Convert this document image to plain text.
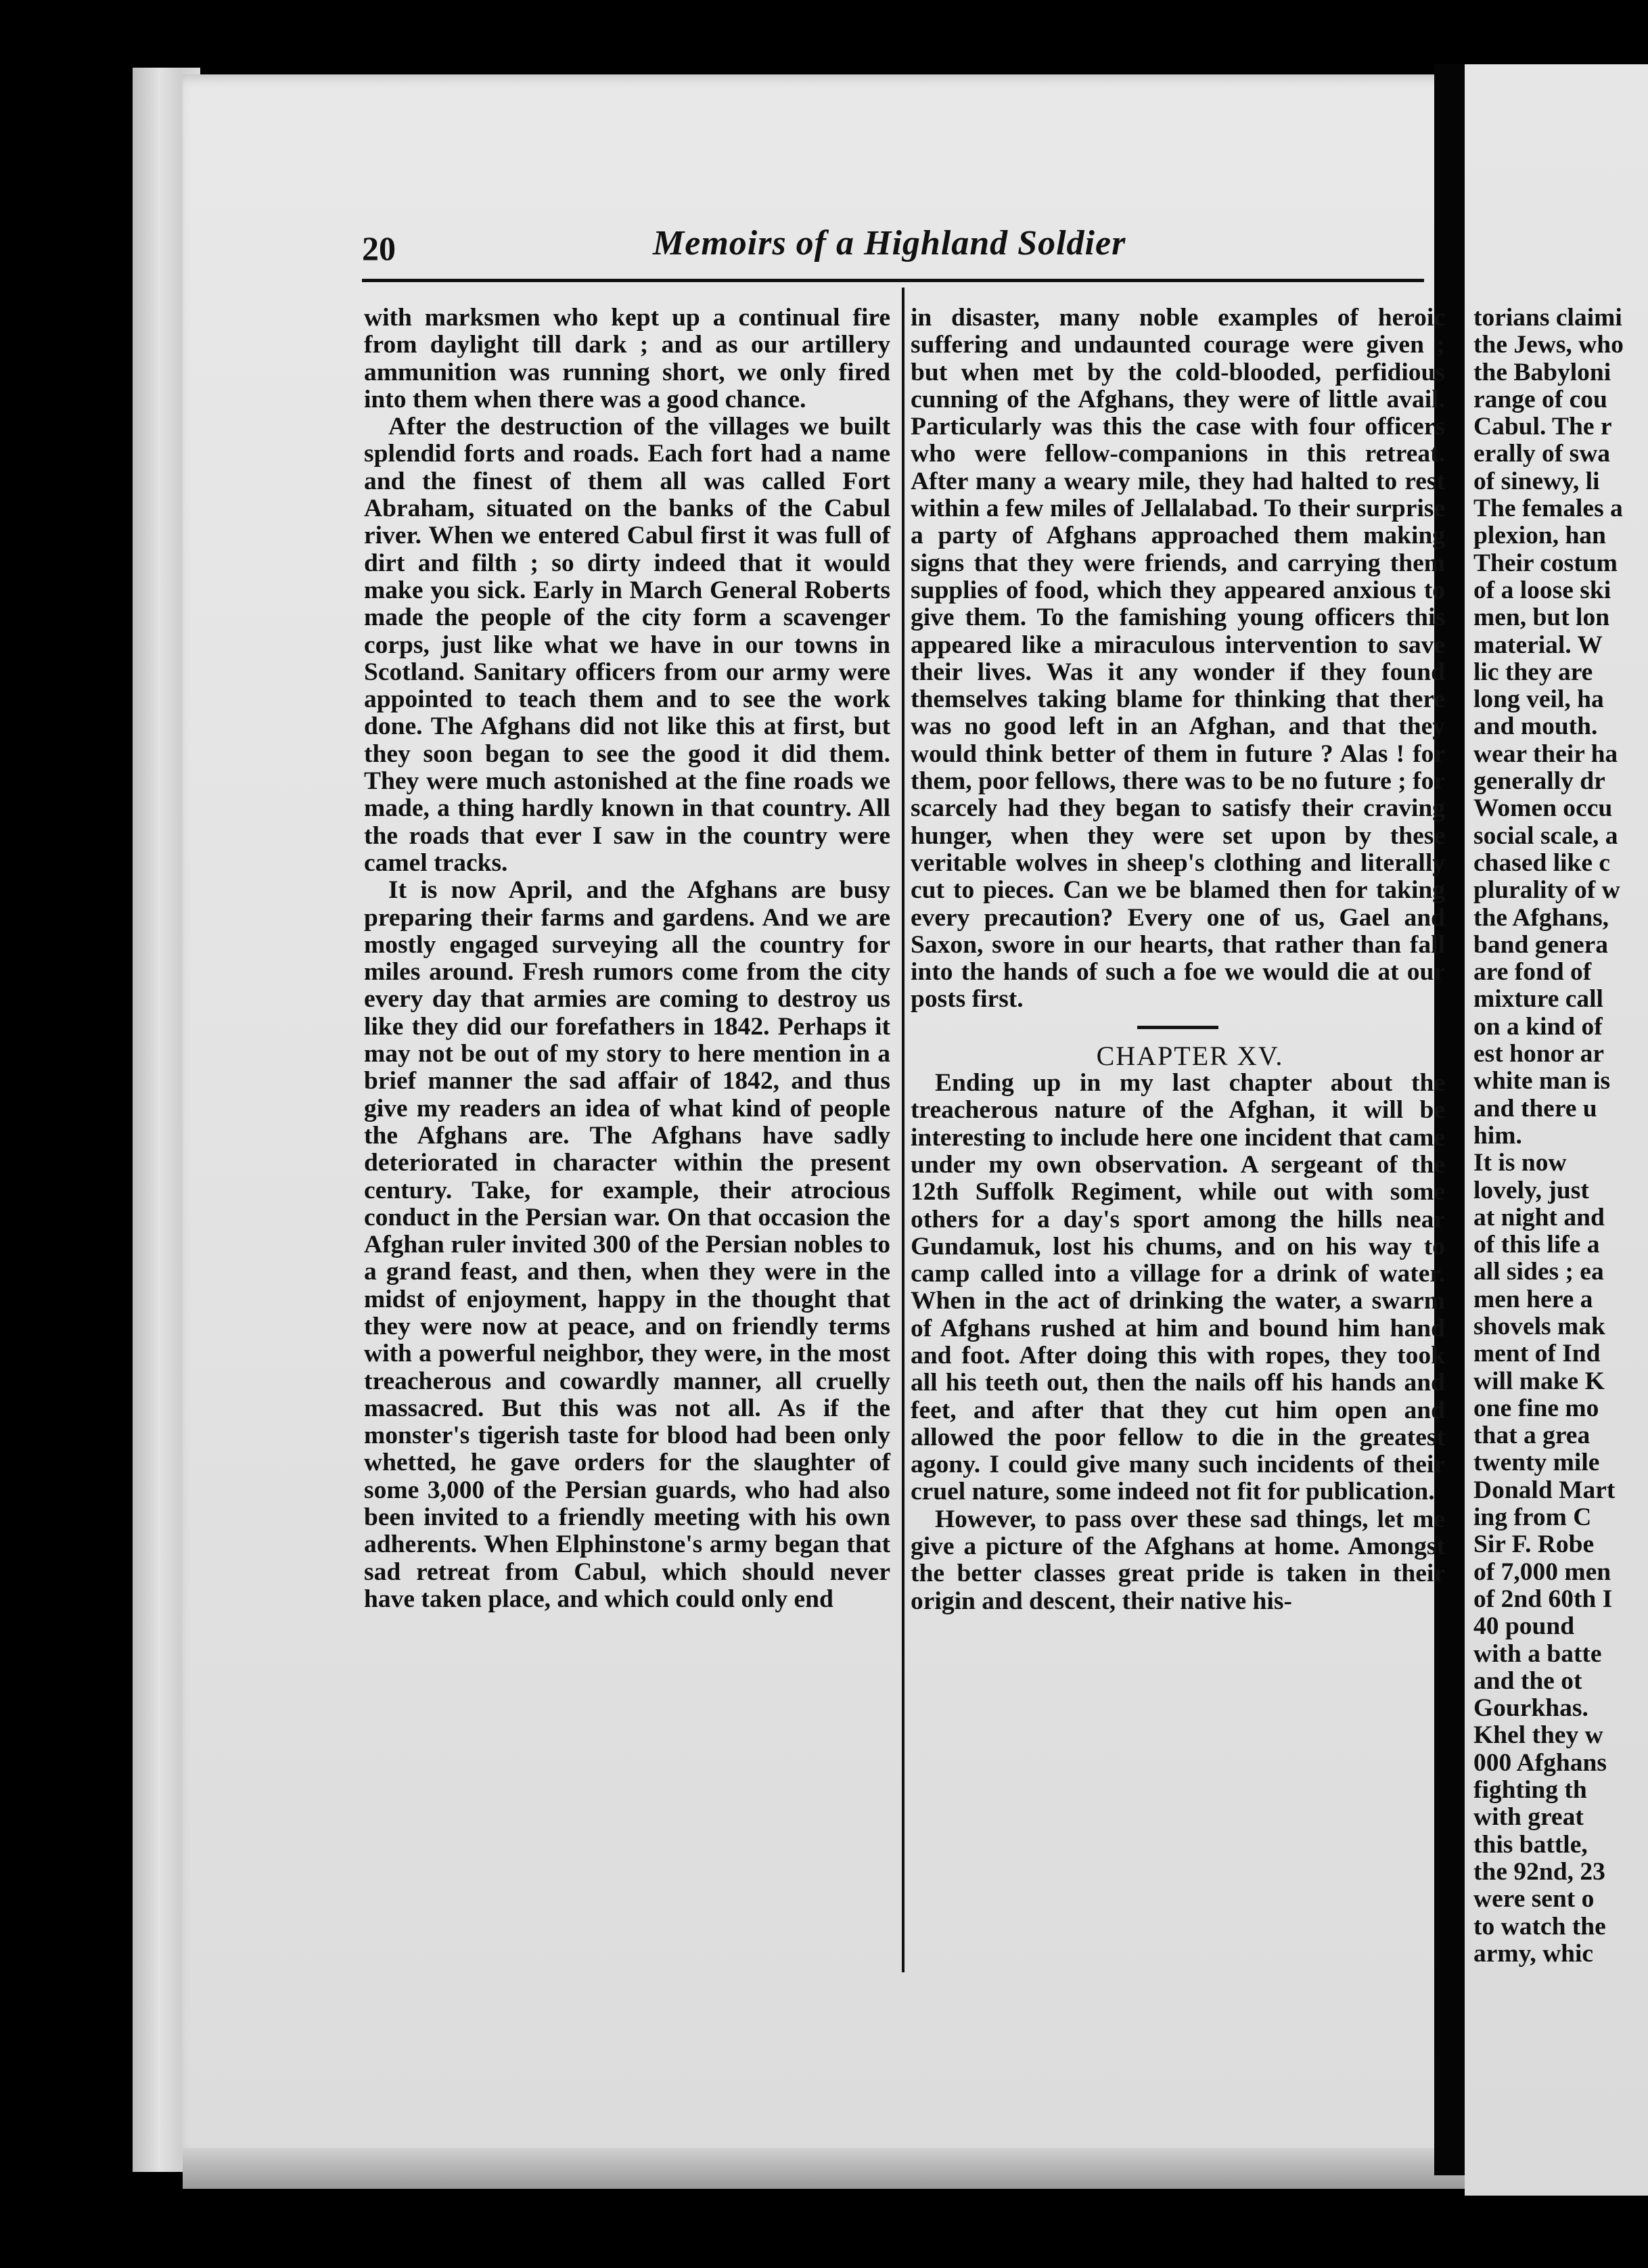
20	Memoirs of a Highland Soldier

with marksmen who kept up a continual fire from daylight till dark ; and as our artillery ammunition was running short, we only fired into them when there was a good chance.

After the destruction of the villages we built splendid forts and roads. Each fort had a name and the finest of them all was called Fort Abraham, situated on the banks of the Cabul river. When we entered Cabul first it was full of dirt and filth ; so dirty indeed that it would make you sick. Early in March General Roberts made the people of the city form a scavenger corps, just like what we have in our towns in Scotland. Sanitary officers from our army were appointed to teach them and to see the work done. The Afghans did not like this at first, but they soon began to see the good it did them. They were much astonished at the fine roads we made, a thing hardly known in that country. All the roads that ever I saw in the country were camel tracks.

It is now April, and the Afghans are busy preparing their farms and gardens. And we are mostly engaged surveying all the country for miles around. Fresh rumors come from the city every day that armies are coming to destroy us like they did our forefathers in 1842. Perhaps it may not be out of my story to here mention in a brief manner the sad affair of 1842, and thus give my readers an idea of what kind of people the Afghans are. The Afghans have sadly deteriorated in character within the present century. Take, for example, their atrocious conduct in the Persian war. On that occasion the Afghan ruler invited 300 of the Persian nobles to a grand feast, and then, when they were in the midst of enjoyment, happy in the thought that they were now at peace, and on friendly terms with a powerful neighbor, they were, in the most treacherous and cowardly manner, all cruelly massacred. But this was not all. As if the monster's tigerish taste for blood had been only whetted, he gave orders for the slaughter of some 3,000 of the Persian guards, who had also been invited to a friendly meeting with his own adherents. When Elphinstone's army began that sad retreat from Cabul, which should never have taken place, and which could only end

in disaster, many noble examples of heroic suffering and undaunted courage were given ; but when met by the cold-blooded, perfidious cunning of the Afghans, they were of little avail. Particularly was this the case with four officers who were fellow-companions in this retreat. After many a weary mile, they had halted to rest within a few miles of Jellalabad. To their surprise a party of Afghans approached them making signs that they were friends, and carrying them supplies of food, which they appeared anxious to give them. To the famishing young officers this appeared like a miraculous intervention to save their lives. Was it any wonder if they found themselves taking blame for thinking that there was no good left in an Afghan, and that they would think better of them in future ? Alas ! for them, poor fellows, there was to be no future ; for scarcely had they began to satisfy their craving hunger, when they were set upon by these veritable wolves in sheep's clothing and literally cut to pieces. Can we be blamed then for taking every precaution? Every one of us, Gael and Saxon, swore in our hearts, that rather than fall into the hands of such a foe we would die at our posts first.

CHAPTER XV.

Ending up in my last chapter about the treacherous nature of the Afghan, it will be interesting to include here one incident that came under my own observation. A sergeant of the 12th Suffolk Regiment, while out with some others for a day's sport among the hills near Gundamuk, lost his chums, and on his way to camp called into a village for a drink of water. When in the act of drinking the water, a swarm of Afghans rushed at him and bound him hand and foot. After doing this with ropes, they took all his teeth out, then the nails off his hands and feet, and after that they cut him open and allowed the poor fellow to die in the greatest agony. I could give many such incidents of their cruel nature, some indeed not fit for publication.

However, to pass over these sad things, let me give a picture of the Afghans at home. Amongst the better classes great pride is taken in their origin and descent, their native his-

torians claimi
the Jews, who
the Babyloni
range of cou
Cabul. The r
erally of swa
of sinewy, li
The females a
plexion, han
Their costum
of a loose ski
men, but lon
material. W
lic they are
long veil, ha
and mouth.
wear their ha
generally dr
Women occu
social scale, a
chased like c
plurality of w
the Afghans,
band genera
are fond of
mixture call
on a kind of
est honor ar
white man is
and there u
him.
It is now
lovely, just
at night and
of this life a
all sides ; ea
men here a
shovels mak
ment of Ind
will make K
one fine mo
that a grea
twenty mile
Donald Mart
ing from C
Sir F. Robe
of 7,000 men
of 2nd 60th I
40 pound
with a batte
and the ot
Gourkhas.
Khel they w
000 Afghans
fighting th
with great
this battle,
the 92nd, 23
were sent o
to watch the
army, whic
